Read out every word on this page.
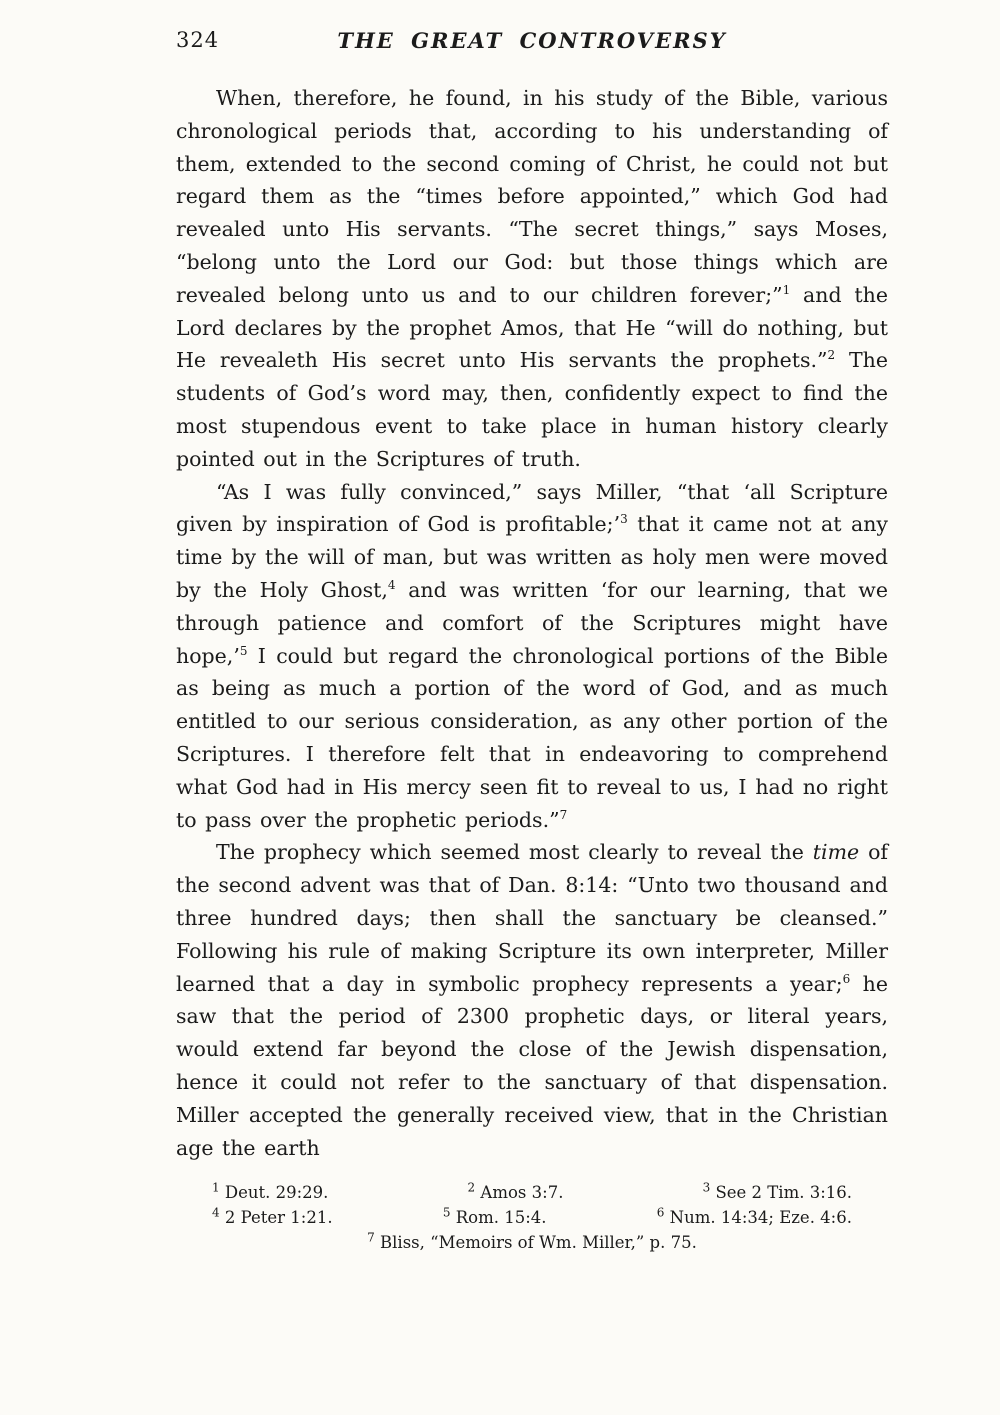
324	THE GREAT CONTROVERSY

When, therefore, he found, in his study of the Bible, various chronological periods that, according to his understanding of them, extended to the second coming of Christ, he could not but regard them as the “times before appointed,” which God had revealed unto His servants. “The secret things,” says Moses, “belong unto the Lord our God: but those things which are revealed belong unto us and to our children forever;”$^1$ and the Lord declares by the prophet Amos, that He “will do nothing, but He revealeth His secret unto His servants the prophets.”$^2$ The students of God’s word may, then, confidently expect to find the most stupendous event to take place in human history clearly pointed out in the Scriptures of truth.

“As I was fully convinced,” says Miller, “that ‘all Scripture given by inspiration of God is profitable;’$^3$ that it came not at any time by the will of man, but was written as holy men were moved by the Holy Ghost,$^4$ and was written ‘for our learning, that we through patience and comfort of the Scriptures might have hope,’$^5$ I could but regard the chronological portions of the Bible as being as much a portion of the word of God, and as much entitled to our serious consideration, as any other portion of the Scriptures. I therefore felt that in endeavoring to comprehend what God had in His mercy seen fit to reveal to us, I had no right to pass over the prophetic periods.”$^7$

The prophecy which seemed most clearly to reveal the time of the second advent was that of Dan. 8:14: “Unto two thousand and three hundred days; then shall the sanctuary be cleansed.” Following his rule of making Scripture its own interpreter, Miller learned that a day in symbolic prophecy represents a year;$^6$ he saw that the period of 2300 prophetic days, or literal years, would extend far beyond the close of the Jewish dispensation, hence it could not refer to the sanctuary of that dispensation. Miller accepted the generally received view, that in the Christian age the earth

$^1$ Deut. 29:29.	$^2$ Amos 3:7.	$^3$ See 2 Tim. 3:16.
$^4$ 2 Peter 1:21.	$^5$ Rom. 15:4.	$^6$ Num. 14:34; Eze. 4:6.
$^7$ Bliss, “Memoirs of Wm. Miller,” p. 75.
